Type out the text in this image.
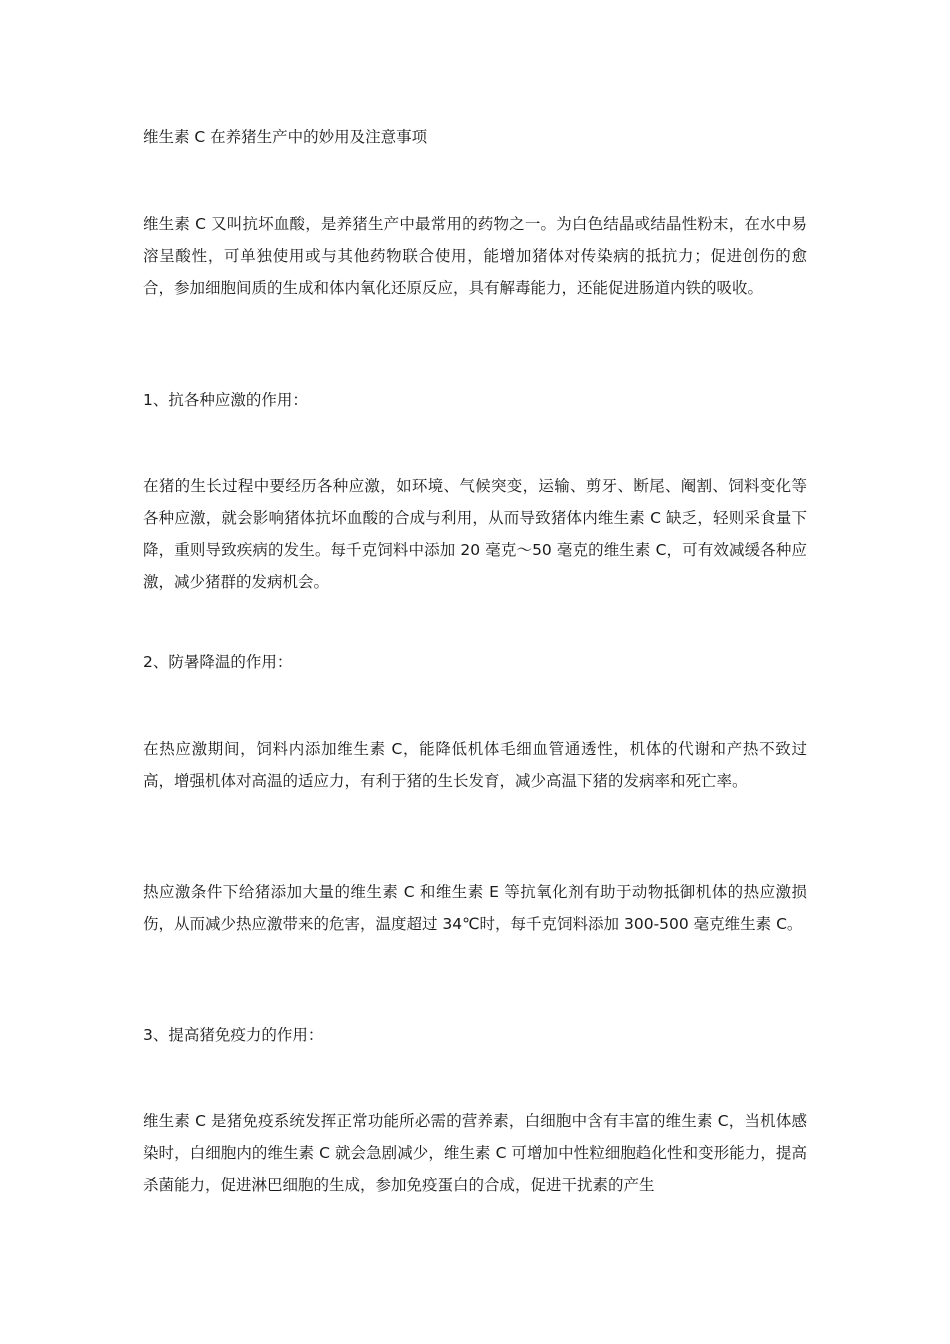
维生素 C 在养猪生产中的妙用及注意事项
维生素 C 又叫抗坏血酸，是养猪生产中最常用的药物之一。为白色结晶或结晶性粉末，在水中易溶呈酸性，可单独使用或与其他药物联合使用，能增加猪体对传染病的抵抗力；促进创伤的愈合，参加细胞间质的生成和体内氧化还原反应，具有解毒能力，还能促进肠道内铁的吸收。
1、抗各种应激的作用：
在猪的生长过程中要经历各种应激，如环境、气候突变，运输、剪牙、断尾、阉割、饲料变化等各种应激，就会影响猪体抗坏血酸的合成与利用，从而导致猪体内维生素 C 缺乏，轻则采食量下降，重则导致疾病的发生。每千克饲料中添加 20 毫克～50 毫克的维生素 C，可有效减缓各种应激，减少猪群的发病机会。
2、防暑降温的作用：
在热应激期间，饲料内添加维生素 C，能降低机体毛细血管通透性，机体的代谢和产热不致过高，增强机体对高温的适应力，有利于猪的生长发育，减少高温下猪的发病率和死亡率。
热应激条件下给猪添加大量的维生素 C 和维生素 E 等抗氧化剂有助于动物抵御机体的热应激损伤，从而减少热应激带来的危害，温度超过 34℃时，每千克饲料添加 300-500 毫克维生素 C。
3、提高猪免疫力的作用：
维生素 C 是猪免疫系统发挥正常功能所必需的营养素，白细胞中含有丰富的维生素 C，当机体感染时，白细胞内的维生素 C 就会急剧减少，维生素 C 可增加中性粒细胞趋化性和变形能力，提高杀菌能力，促进淋巴细胞的生成，参加免疫蛋白的合成，促进干扰素的产生
